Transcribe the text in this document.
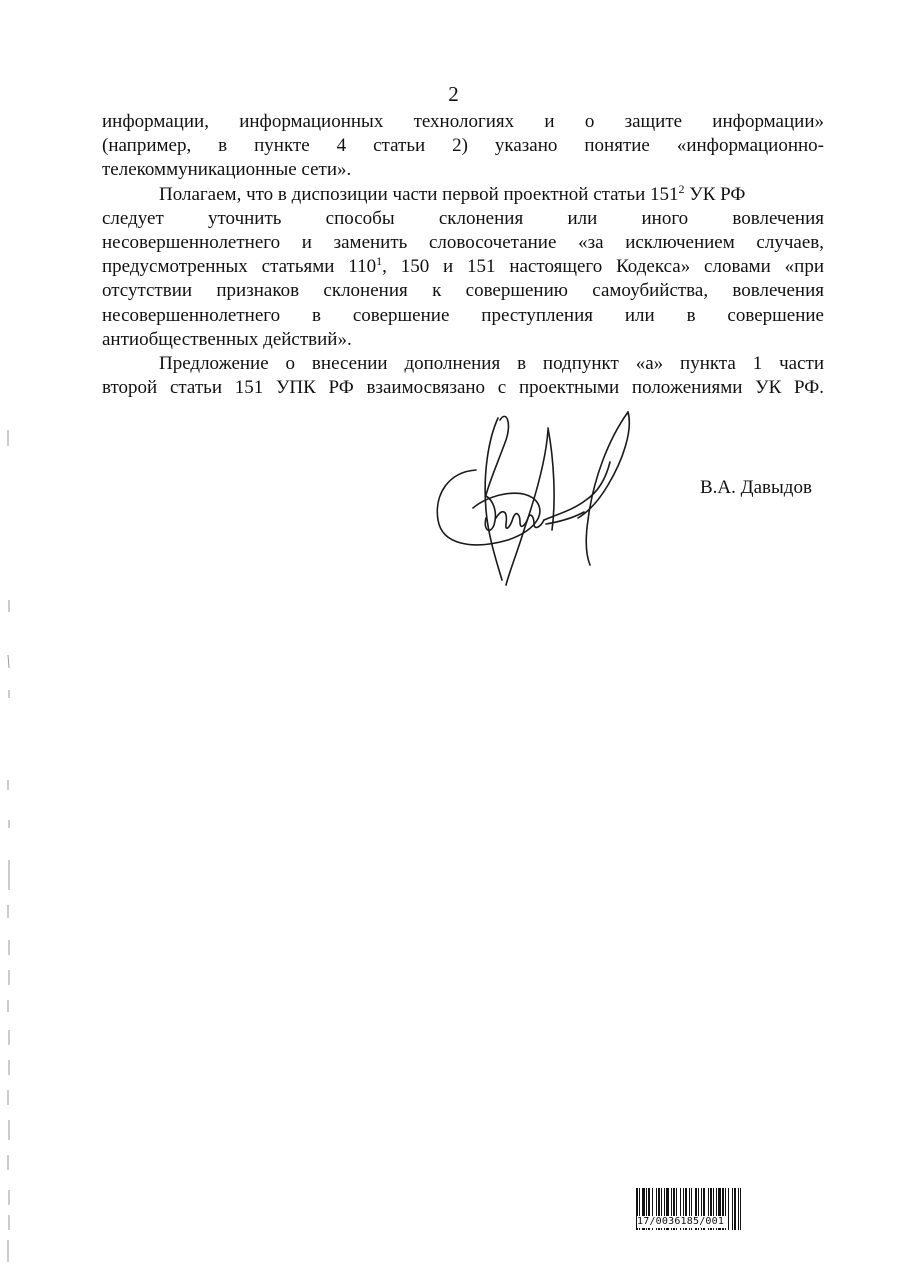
2

информации, информационных технологиях и о защите информации»
(например, в пункте 4 статьи 2) указано понятие «информационно-
телекоммуникационные сети».

Полагаем, что в диспозиции части первой проектной статьи $151^2$ УК РФ
следует уточнить способы склонения или иного вовлечения
несовершеннолетнего и заменить словосочетание «за исключением случаев,
предусмотренных статьями $110^1$, 150 и 151 настоящего Кодекса» словами «при
отсутствии признаков склонения к совершению самоубийства, вовлечения
несовершеннолетнего в совершение преступления или в совершение
антиобщественных действий».

Предложение о внесении дополнения в подпункт «а» пункта 1 части
второй статьи 151 УПК РФ взаимосвязано с проектными положениями УК РФ.

В.А. Давыдов
17/0036185/001
